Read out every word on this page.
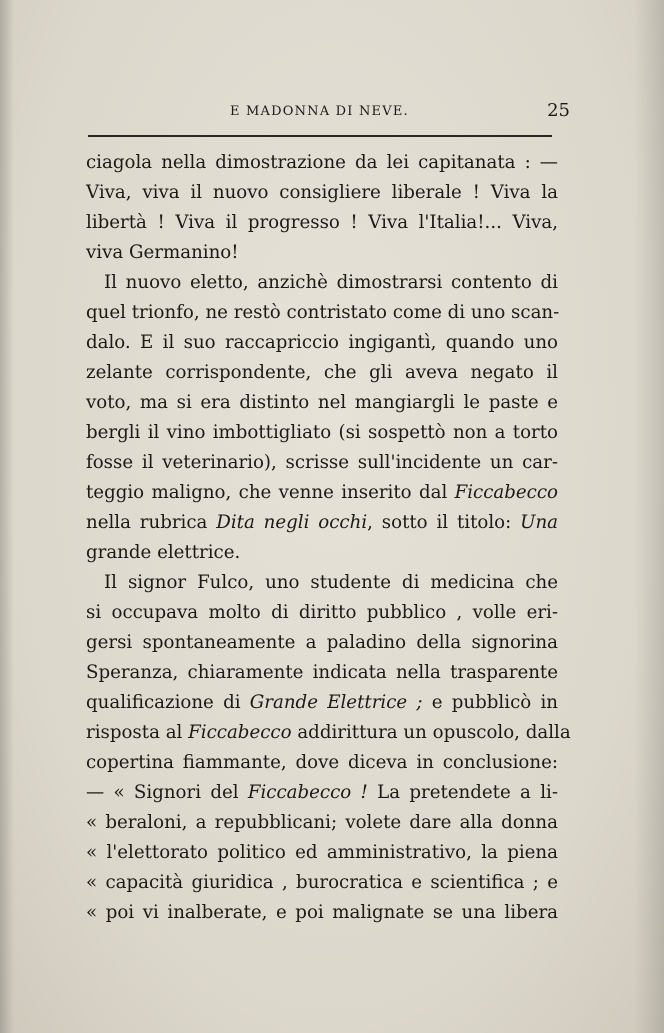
E MADONNA DI NEVE.	25
ciagola nella dimostrazione da lei capitanata : —
Viva, viva il nuovo consigliere liberale ! Viva la
libertà ! Viva il progresso ! Viva l'Italia!... Viva,
viva Germanino!
Il nuovo eletto, anzichè dimostrarsi contento di
quel trionfo, ne restò contristato come di uno scan-
dalo. E il suo raccapriccio ingigantì, quando uno
zelante corrispondente, che gli aveva negato il
voto, ma si era distinto nel mangiargli le paste e
bergli il vino imbottigliato (si sospettò non a torto
fosse il veterinario), scrisse sull'incidente un car-
teggio maligno, che venne inserito dal Ficcabecco
nella rubrica Dita negli occhi, sotto il titolo: Una
grande elettrice.
Il signor Fulco, uno studente di medicina che
si occupava molto di diritto pubblico , volle eri-
gersi spontaneamente a paladino della signorina
Speranza, chiaramente indicata nella trasparente
qualificazione di Grande Elettrice ; e pubblicò in
risposta al Ficcabecco addirittura un opuscolo, dalla
copertina fiammante, dove diceva in conclusione:
— « Signori del Ficcabecco ! La pretendete a li-
« beraloni, a repubblicani; volete dare alla donna
« l'elettorato politico ed amministrativo, la piena
« capacità giuridica , burocratica e scientifica ; e
« poi vi inalberate, e poi malignate se una libera
